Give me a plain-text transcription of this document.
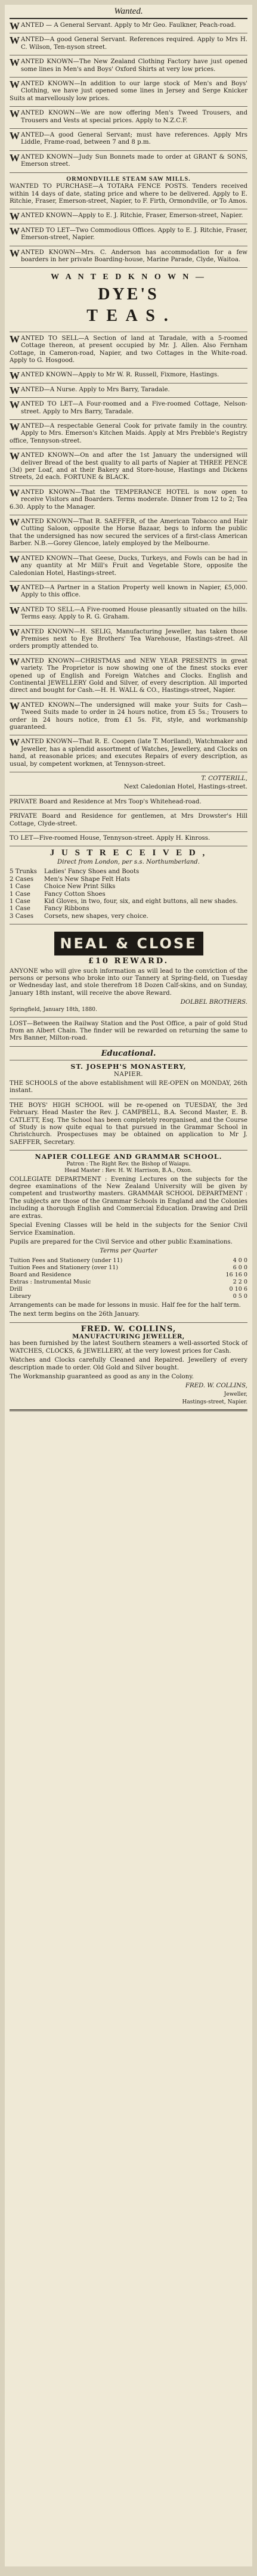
Wanted.
W ANTED — A General Servant. Apply to Mr Geo. Faulkner, Peach-road.

W ANTED—A good General Servant. References required. Apply to Mrs H. C. Wilson, Ten-nyson street.

W ANTED KNOWN—The New Zealand Clothing Factory have just opened some lines in Men's and Boys' Oxford Shirts at very low prices.

W ANTED KNOWN—In addition to our large stock of Men's and Boys' Clothing, we have just opened some lines in Jersey and Serge Knicker Suits at marvellously low prices.

W ANTED KNOWN—We are now offering Men's Tweed Trousers, and Trousers and Vests at special prices. Apply to N.Z.C.F.

W ANTED—A good General Servant; must have references. Apply Mrs Liddle, Frame-road, between 7 and 8 p.m.

W ANTED KNOWN—Judy Sun Bonnets made to order at GRANT & SONS, Emerson street.

ORMONDVILLE STEAM SAW MILLS.

WANTED TO PURCHASE—A TOTARA FENCE POSTS. Tenders received within 14 days of date, stating price and where to be delivered. Apply to E. Ritchie, Fraser, Emerson-street, Napier, to F. Firth, Ormondville, or To Amos.

W ANTED KNOWN—Apply to E. J. Ritchie, Fraser, Emerson-street, Napier.

W ANTED TO LET—Two Commodious Offices. Apply to E. J. Ritchie, Fraser, Emerson-street, Napier.

W ANTED KNOWN—Mrs. C. Anderson has accommodation for a few boarders in her private Boarding-house, Marine Parade, Clyde, Waitoa.

W A N T E D K N O W N —
DYE'S
T E A S .
W ANTED TO SELL—A Section of land at Taradale, with a 5-roomed Cottage thereon, at present occupied by Mr. J. Allen. Also Fernham Cottage, in Cameron-road, Napier, and two Cottages in the White-road. Apply to G. Hosgood.

W ANTED KNOWN—Apply to Mr W. R. Russell, Fixmore, Hastings.

W ANTED—A Nurse. Apply to Mrs Barry, Taradale.

W ANTED TO LET—A Four-roomed and a Five-roomed Cottage, Nelson-street. Apply to Mrs Barry, Taradale.

W ANTED—A respectable General Cook for private family in the country. Apply to Mrs. Emerson's Kitchen Maids. Apply at Mrs Prebble's Registry office, Tennyson-street.

W ANTED KNOWN—On and after the 1st January the undersigned will deliver Bread of the best quality to all parts of Napier at THREE PENCE (3d) per Loaf, and at their Bakery and Store-house, Hastings and Dickens Streets, 2d each. FORTUNE & BLACK.

W ANTED KNOWN—That the TEMPERANCE HOTEL is now open to receive Visitors and Boarders. Terms moderate. Dinner from 12 to 2; Tea 6.30. Apply to the Manager.

W ANTED KNOWN—That R. SAEFFER, of the American Tobacco and Hair Cutting Saloon, opposite the Horse Bazaar, begs to inform the public that the undersigned has now secured the services of a first-class American Barber. N.B.—Gorey Glencoe, lately employed by the Melbourne.

W ANTED KNOWN—That Geese, Ducks, Turkeys, and Fowls can be had in any quantity at Mr Mill's Fruit and Vegetable Store, opposite the Caledonian Hotel, Hastings-street.

W ANTED—A Partner in a Station Property well known in Napier, £5,000. Apply to this office.

W ANTED TO SELL—A Five-roomed House pleasantly situated on the hills. Terms easy. Apply to R. G. Graham.

W ANTED KNOWN—H. SELIG, Manufacturing Jeweller, has taken those Premises next to Eye Brothers' Tea Warehouse, Hastings-street. All orders promptly attended to.

W ANTED KNOWN—CHRISTMAS and NEW YEAR PRESENTS in great variety. The Proprietor is now showing one of the finest stocks ever opened up of English and Foreign Watches and Clocks. English and Continental JEWELLERY Gold and Silver, of every description. All imported direct and bought for Cash.—H. H. WALL & CO., Hastings-street, Napier.

W ANTED KNOWN—The undersigned will make your Suits for Cash—Tweed Suits made to order in 24 hours notice, from £5 5s.; Trousers to order in 24 hours notice, from £1 5s. Fit, style, and workmanship guaranteed.

W ANTED KNOWN—That R. E. Coopen (late T. Moriland), Watchmaker and Jeweller, has a splendid assortment of Watches, Jewellery, and Clocks on hand, at reasonable prices; and executes Repairs of every description, as usual, by competent workmen, at Tennyson-street.

T. COTTERILL,
Next Caledonian Hotel, Hastings-street.

PRIVATE Board and Residence at Mrs Toop's Whitehead-road.

PRIVATE Board and Residence for gentlemen, at Mrs Drowster's Hill Cottage, Clyde-street.

TO LET—Five-roomed House, Tennyson-street. Apply H. Kinross.

J U S T R E C E I V E D ,
Direct from London, per s.s. Northumberland.
5 Trunks	Ladies' Fancy Shoes and Boots
2 Cases	Men's New Shape Felt Hats
1 Case	Choice New Print Silks
1 Case	Fancy Cotton Shoes
1 Case	Kid Gloves, in two, four, six, and eight buttons, all new shades.
1 Case	Fancy Ribbons
3 Cases	Corsets, new shapes, very choice.
NEAL & CLOSE
£10 REWARD.

ANYONE who will give such information as will lead to the conviction of the persons or persons who broke into our Tannery at Spring-field, on Tuesday or Wednesday last, and stole therefrom 18 Dozen Calf-skins, and on Sunday, January 18th instant, will receive the above Reward.

DOLBEL BROTHERS.
Springfield, January 18th, 1880.

LOST—Between the Railway Station and the Post Office, a pair of gold Stud from an Albert Chain. The finder will be rewarded on returning the same to Mrs Banner, Milton-road.

Educational.
ST. JOSEPH'S MONASTERY,
NAPIER.

THE SCHOOLS of the above establishment will RE-OPEN on MONDAY, 26th instant.

THE BOYS' HIGH SCHOOL will be re-opened on TUESDAY, the 3rd February. Head Master the Rev. J. CAMPBELL, B.A. Second Master, E. B. CATLETT, Esq. The School has been completely reorganised, and the Course of Study is now quite equal to that pursued in the Grammar School in Christchurch. Prospectuses may be obtained on application to Mr J. SAEFFER, Secretary.

NAPIER COLLEGE AND GRAMMAR SCHOOL.
Patron : The Right Rev. the Bishop of Waiapu.
Head Master : Rev. H. W. Harrison, B.A., Oxon.

COLLEGIATE DEPARTMENT : Evening Lectures on the subjects for the degree examinations of the New Zealand University will be given by competent and trustworthy masters. GRAMMAR SCHOOL DEPARTMENT : The subjects are those of the Grammar Schools in England and the Colonies including a thorough English and Commercial Education. Drawing and Drill are extras.

Special Evening Classes will be held in the subjects for the Senior Civil Service Examination.

Pupils are prepared for the Civil Service and other public Examinations.

Terms per Quarter
Tuition Fees and Stationery (under 11)	4 0 0
Tuition Fees and Stationery (over 11)	6 0 0
Board and Residence	16 16 0
Extras : Instrumental Music	2 2 0
Drill	0 10 6
Library	0 5 0

Arrangements can be made for lessons in music. Half fee for the half term.

The next term begins on the 26th January.

FRED. W. COLLINS,
MANUFACTURING JEWELLER,

has been furnished by the latest Southern steamers a well-assorted Stock of WATCHES, CLOCKS, & JEWELLERY, at the very lowest prices for Cash.

Watches and Clocks carefully Cleaned and Repaired. Jewellery of every description made to order. Old Gold and Silver bought.

The Workmanship guaranteed as good as any in the Colony.

FRED. W. COLLINS,
Jeweller,
Hastings-street, Napier.
